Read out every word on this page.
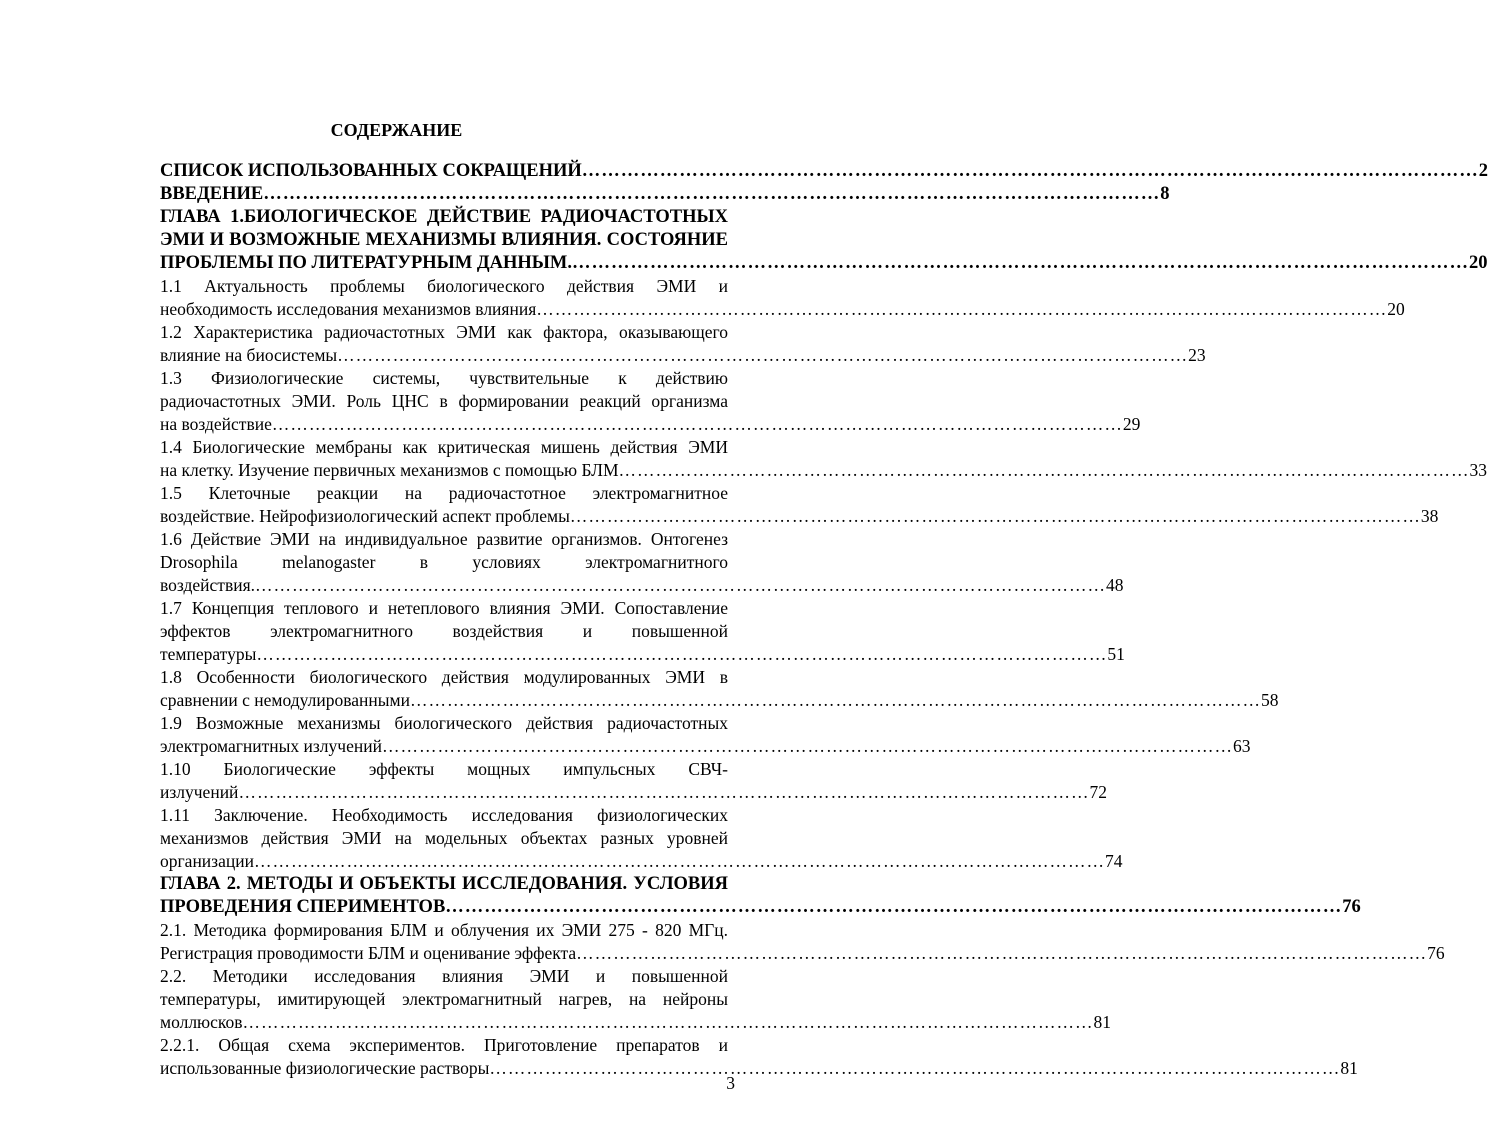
СОДЕРЖАНИЕ
СПИСОК ИСПОЛЬЗОВАННЫХ СОКРАЩЕНИЙ ………………………………………………………………………………………………………………………… 2
ВВЕДЕНИЕ ………………………………………………………………………………………………………………………… 8
ГЛАВА 1.БИОЛОГИЧЕСКОЕ ДЕЙСТВИЕ РАДИОЧАСТОТНЫХ
ЭМИ И ВОЗМОЖНЫЕ МЕХАНИЗМЫ ВЛИЯНИЯ. СОСТОЯНИЕ
ПРОБЛЕМЫ ПО ЛИТЕРАТУРНЫМ ДАННЫМ. ………………………………………………………………………………………………………………………… 20
1.1 Актуальность проблемы биологического действия ЭМИ и
необходимость исследования механизмов влияния ………………………………………………………………………………………………………………………… 20
1.2 Характеристика радиочастотных ЭМИ как фактора, оказывающего
влияние на биосистемы ………………………………………………………………………………………………………………………… 23
1.3 Физиологические системы, чувствительные к действию
радиочастотных ЭМИ. Роль ЦНС в формировании реакций организма
на воздействие ………………………………………………………………………………………………………………………… 29
1.4 Биологические мембраны как критическая мишень действия ЭМИ
на клетку. Изучение первичных механизмов с помощью БЛМ ………………………………………………………………………………………………………………………… 33
1.5 Клеточные реакции на радиочастотное электромагнитное
воздействие. Нейрофизиологический аспект проблемы ………………………………………………………………………………………………………………………… 38
1.6 Действие ЭМИ на индивидуальное развитие организмов. Онтогенез
Drosophila melanogaster в условиях электромагнитного
воздействия. ………………………………………………………………………………………………………………………… 48
1.7 Концепция теплового и нетеплового влияния ЭМИ. Сопоставление
эффектов электромагнитного воздействия и повышенной
температуры ………………………………………………………………………………………………………………………… 51
1.8 Особенности биологического действия модулированных ЭМИ в
сравнении с немодулированными ………………………………………………………………………………………………………………………… 58
1.9 Возможные механизмы биологического действия радиочастотных
электромагнитных излучений ………………………………………………………………………………………………………………………… 63
1.10 Биологические эффекты мощных импульсных СВЧ-
излучений ………………………………………………………………………………………………………………………… 72
1.11 Заключение. Необходимость исследования физиологических
механизмов действия ЭМИ на модельных объектах разных уровней
организации ………………………………………………………………………………………………………………………… 74
ГЛАВА 2. МЕТОДЫ И ОБЪЕКТЫ ИССЛЕДОВАНИЯ. УСЛОВИЯ
ПРОВЕДЕНИЯ СПЕРИМЕНТОВ ………………………………………………………………………………………………………………………… 76
2.1. Методика формирования БЛМ и облучения их ЭМИ 275 - 820 МГц.
Регистрация проводимости БЛМ и оценивание эффекта ………………………………………………………………………………………………………………………… 76
2.2. Методики исследования влияния ЭМИ и повышенной
температуры, имитирующей электромагнитный нагрев, на нейроны
моллюсков ………………………………………………………………………………………………………………………… 81
2.2.1. Общая схема экспериментов. Приготовление препаратов и
использованные физиологические растворы ………………………………………………………………………………………………………………………… 81
3
